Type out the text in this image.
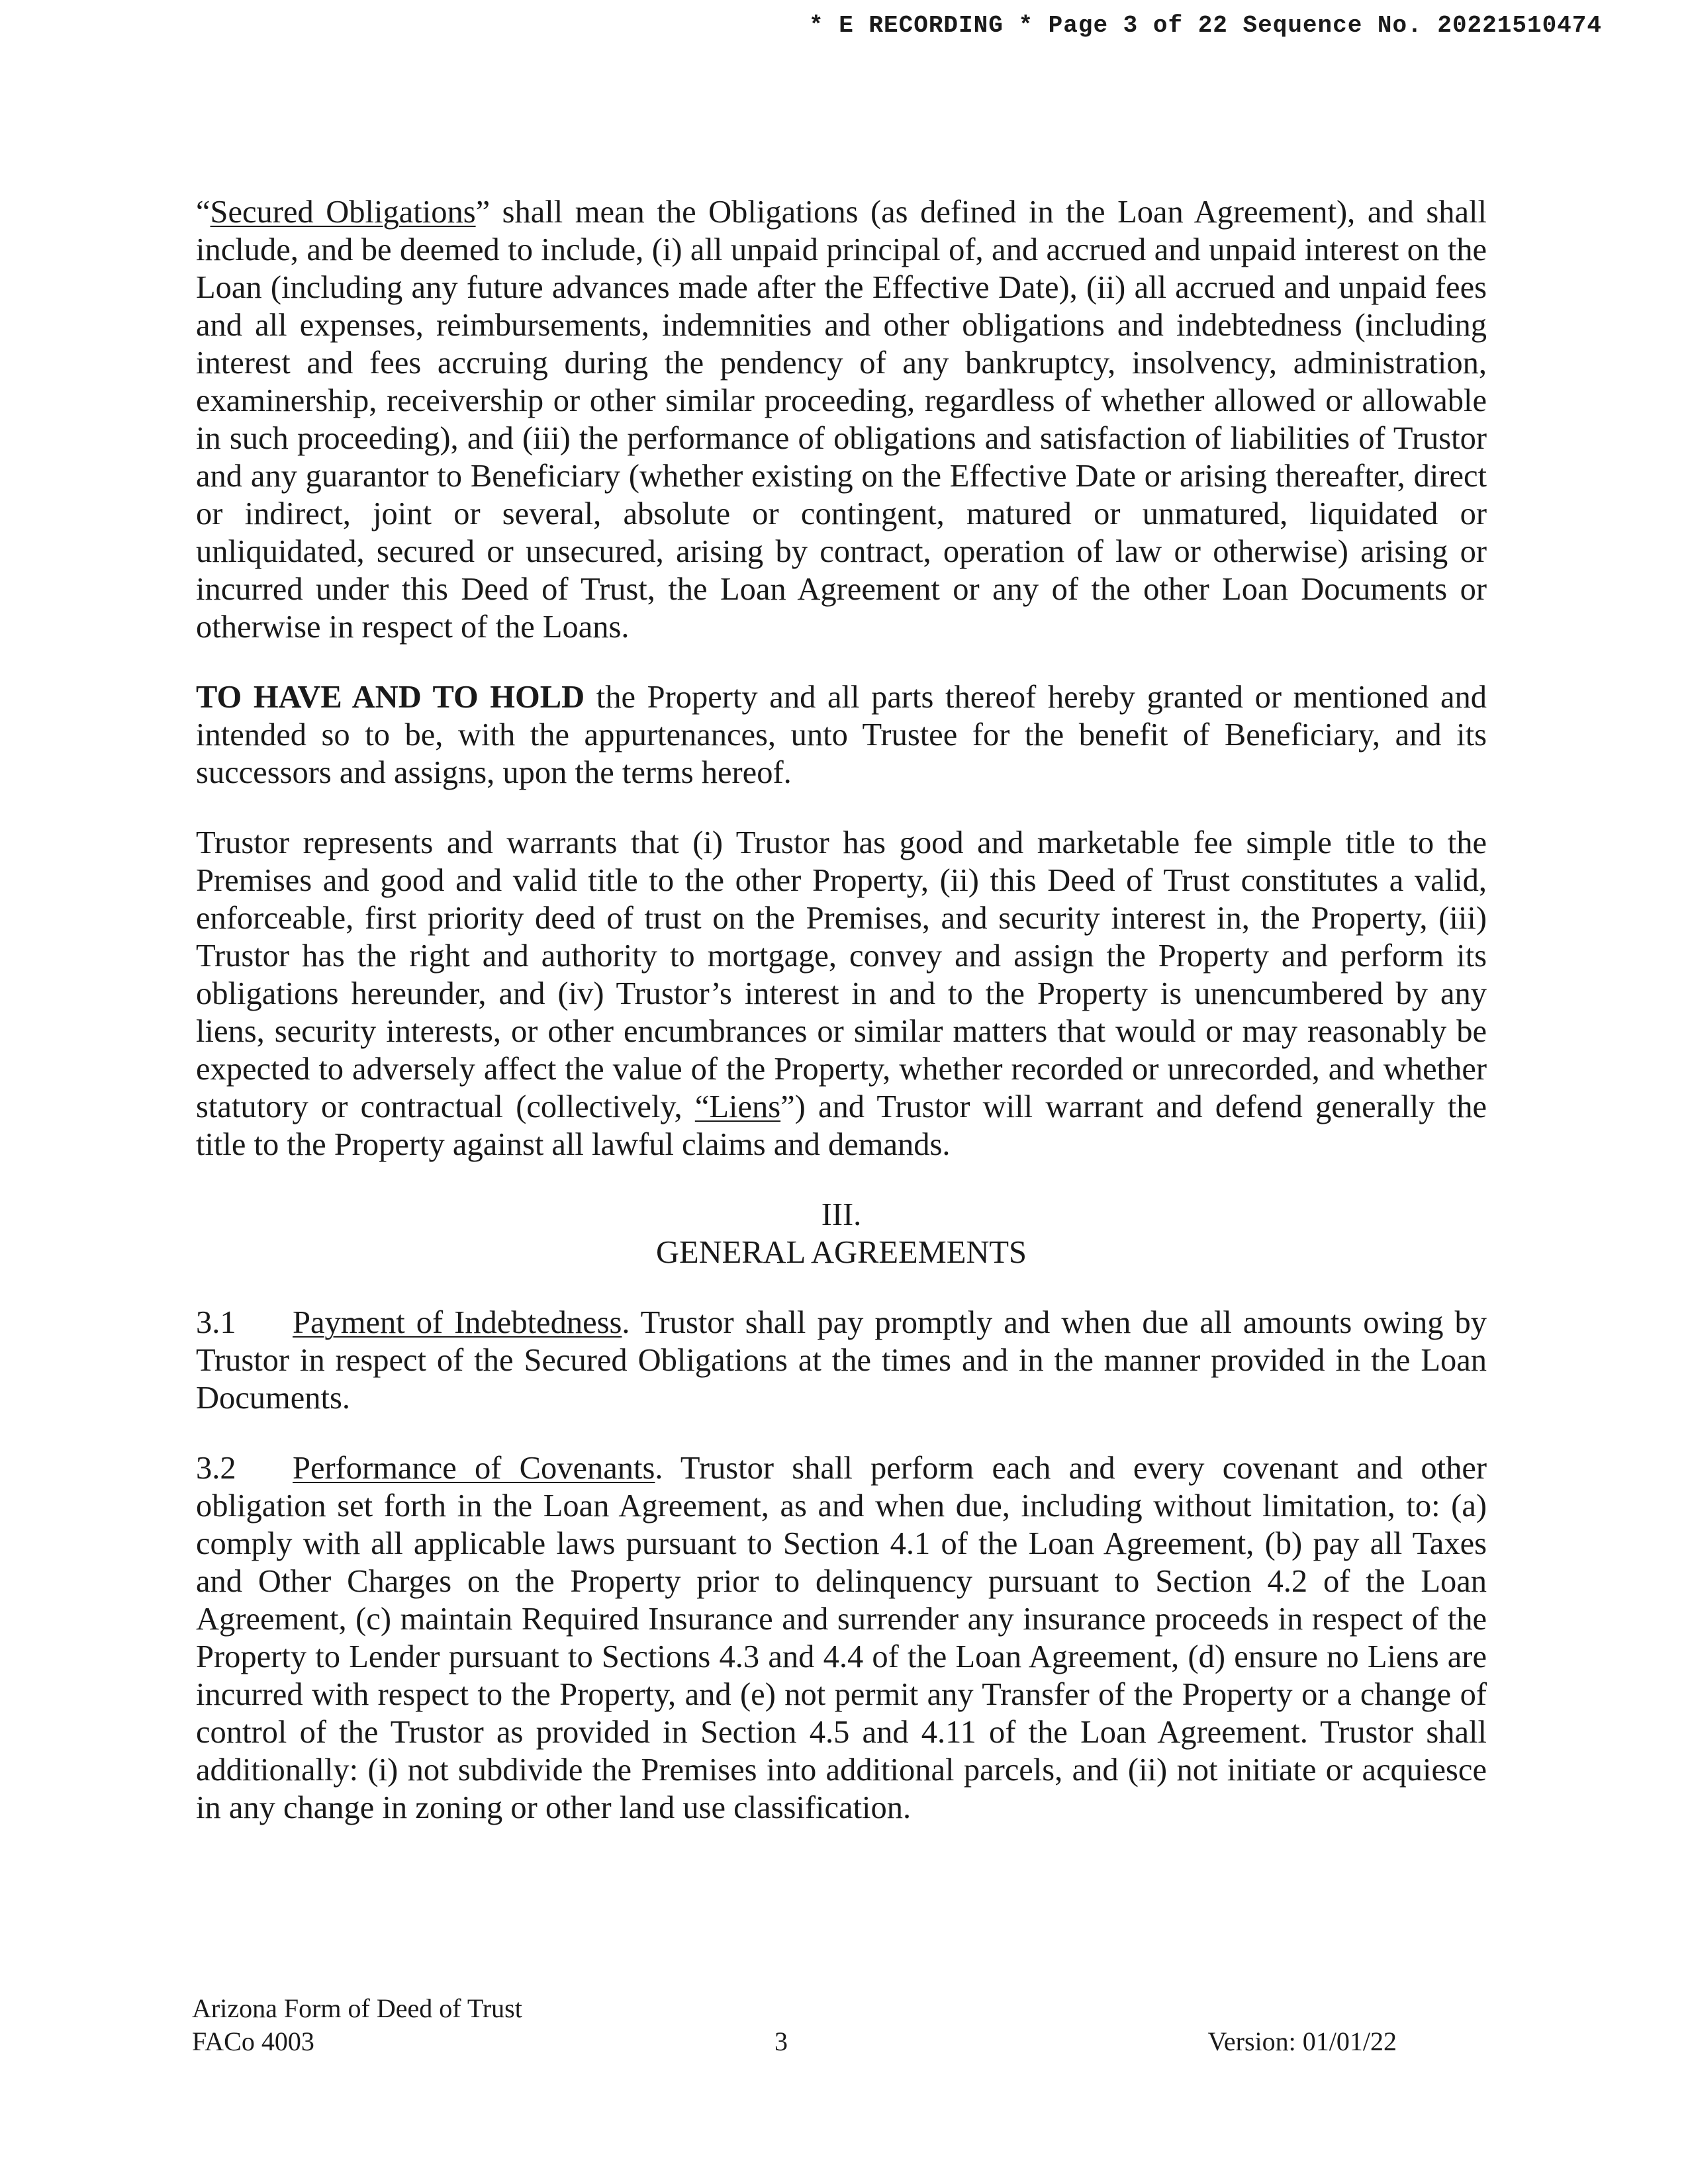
* E RECORDING * Page 3 of 22 Sequence No. 20221510474

“Secured Obligations” shall mean the Obligations (as defined in the Loan Agreement), and shall include, and be deemed to include, (i) all unpaid principal of, and accrued and unpaid interest on the Loan (including any future advances made after the Effective Date), (ii) all accrued and unpaid fees and all expenses, reimbursements, indemnities and other obligations and indebtedness (including interest and fees accruing during the pendency of any bankruptcy, insolvency, administration, examinership, receivership or other similar proceeding, regardless of whether allowed or allowable in such proceeding), and (iii) the performance of obligations and satisfaction of liabilities of Trustor and any guarantor to Beneficiary (whether existing on the Effective Date or arising thereafter, direct or indirect, joint or several, absolute or contingent, matured or unmatured, liquidated or unliquidated, secured or unsecured, arising by contract, operation of law or otherwise) arising or incurred under this Deed of Trust, the Loan Agreement or any of the other Loan Documents or otherwise in respect of the Loans.

TO HAVE AND TO HOLD the Property and all parts thereof hereby granted or mentioned and intended so to be, with the appurtenances, unto Trustee for the benefit of Beneficiary, and its successors and assigns, upon the terms hereof.

Trustor represents and warrants that (i) Trustor has good and marketable fee simple title to the Premises and good and valid title to the other Property, (ii) this Deed of Trust constitutes a valid, enforceable, first priority deed of trust on the Premises, and security interest in, the Property, (iii) Trustor has the right and authority to mortgage, convey and assign the Property and perform its obligations hereunder, and (iv) Trustor’s interest in and to the Property is unencumbered by any liens, security interests, or other encumbrances or similar matters that would or may reasonably be expected to adversely affect the value of the Property, whether recorded or unrecorded, and whether statutory or contractual (collectively, “Liens”) and Trustor will warrant and defend generally the title to the Property against all lawful claims and demands.

III.
GENERAL AGREEMENTS

3.1 Payment of Indebtedness. Trustor shall pay promptly and when due all amounts owing by Trustor in respect of the Secured Obligations at the times and in the manner provided in the Loan Documents.

3.2 Performance of Covenants. Trustor shall perform each and every covenant and other obligation set forth in the Loan Agreement, as and when due, including without limitation, to: (a) comply with all applicable laws pursuant to Section 4.1 of the Loan Agreement, (b) pay all Taxes and Other Charges on the Property prior to delinquency pursuant to Section 4.2 of the Loan Agreement, (c) maintain Required Insurance and surrender any insurance proceeds in respect of the Property to Lender pursuant to Sections 4.3 and 4.4 of the Loan Agreement, (d) ensure no Liens are incurred with respect to the Property, and (e) not permit any Transfer of the Property or a change of control of the Trustor as provided in Section 4.5 and 4.11 of the Loan Agreement. Trustor shall additionally: (i) not subdivide the Premises into additional parcels, and (ii) not initiate or acquiesce in any change in zoning or other land use classification.

Arizona Form of Deed of Trust
FACo 4003	3	Version: 01/01/22
